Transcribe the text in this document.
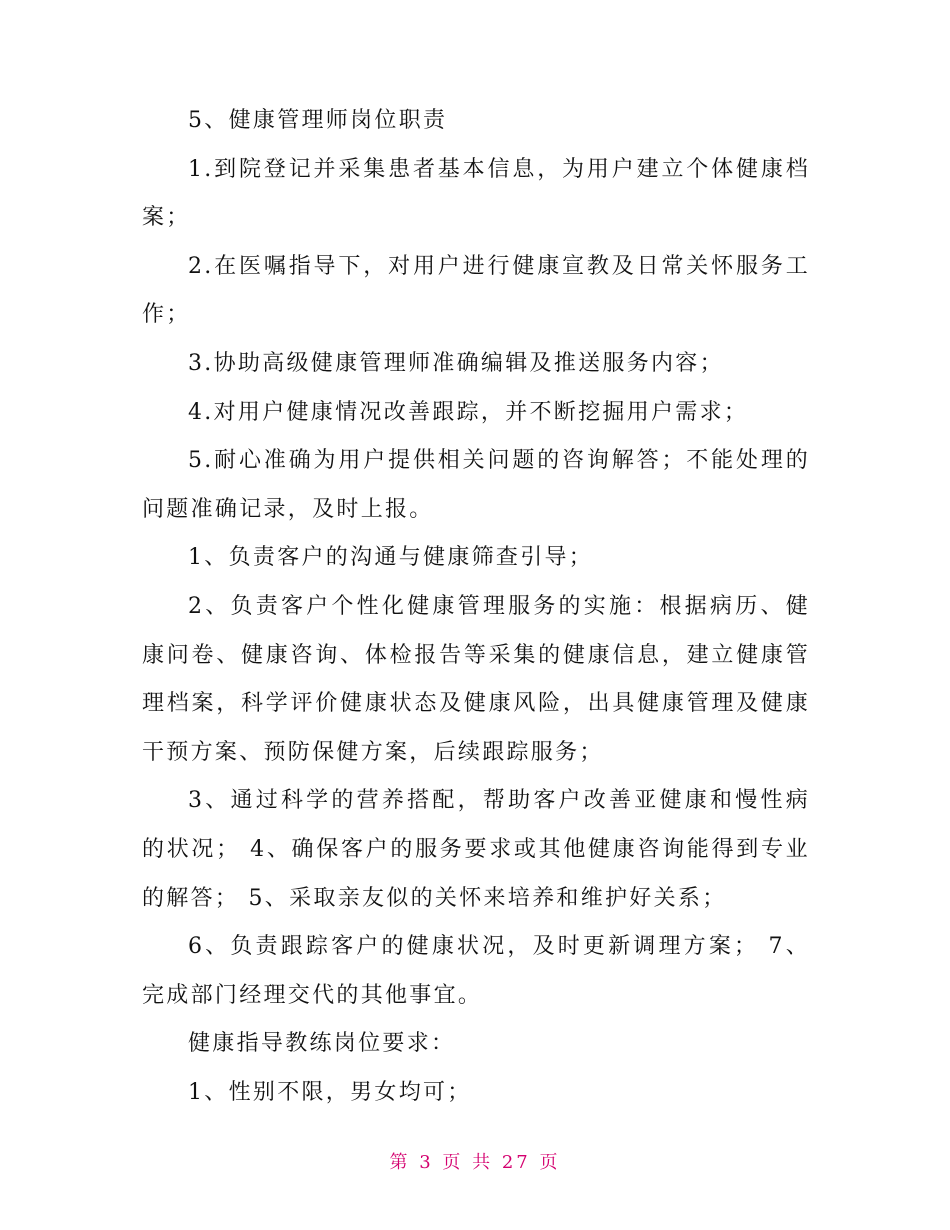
5、健康管理师岗位职责

1.到院登记并采集患者基本信息，为用户建立个体健康档案；

2.在医嘱指导下，对用户进行健康宣教及日常关怀服务工作；

3.协助高级健康管理师准确编辑及推送服务内容；

4.对用户健康情况改善跟踪，并不断挖掘用户需求；

5.耐心准确为用户提供相关问题的咨询解答；不能处理的问题准确记录，及时上报。

1、负责客户的沟通与健康筛查引导；

2、负责客户个性化健康管理服务的实施：根据病历、健康问卷、健康咨询、体检报告等采集的健康信息，建立健康管理档案，科学评价健康状态及健康风险，出具健康管理及健康干预方案、预防保健方案，后续跟踪服务；

3、通过科学的营养搭配，帮助客户改善亚健康和慢性病的状况； 4、确保客户的服务要求或其他健康咨询能得到专业的解答； 5、采取亲友似的关怀来培养和维护好关系；

6、负责跟踪客户的健康状况，及时更新调理方案； 7、完成部门经理交代的其他事宜。

健康指导教练岗位要求：

1、性别不限，男女均可；

第 3 页 共 27 页
